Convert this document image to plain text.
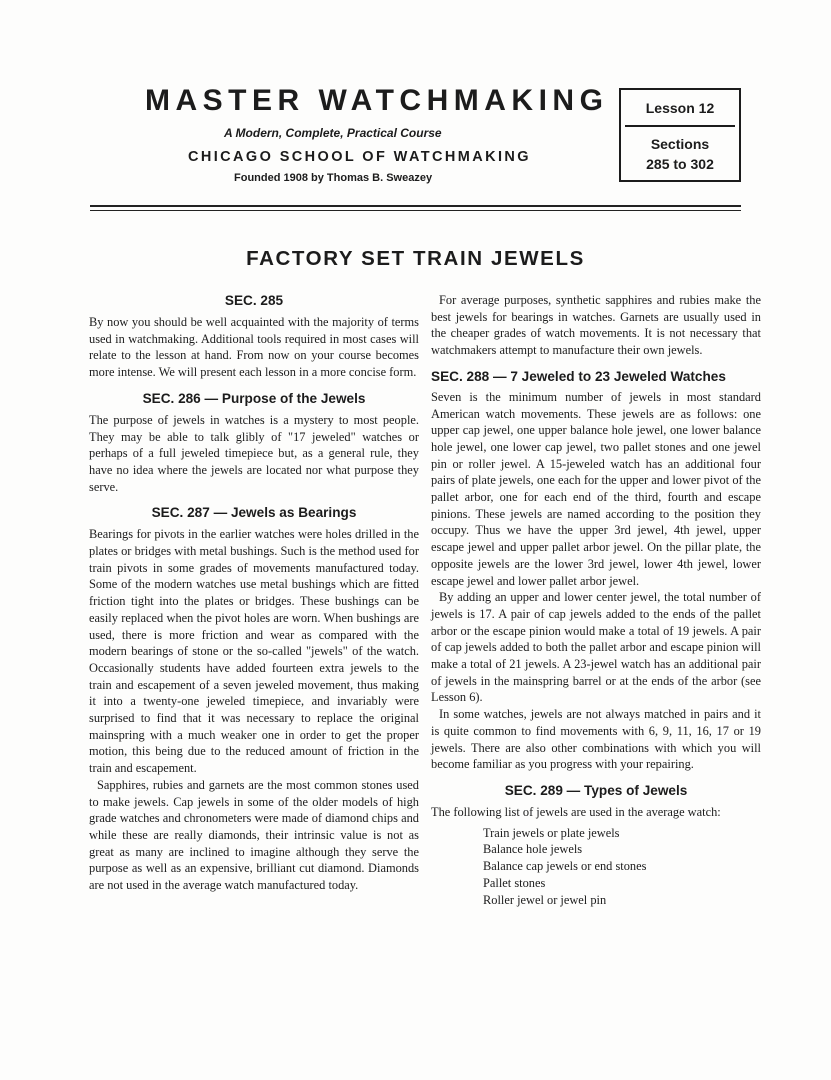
MASTER WATCHMAKING
A Modern, Complete, Practical Course
CHICAGO SCHOOL OF WATCHMAKING
Founded 1908 by Thomas B. Sweazey
Lesson 12
Sections
285 to 302
FACTORY SET TRAIN JEWELS
SEC. 285

By now you should be well acquainted with the majority of terms used in watchmaking. Additional tools required in most cases will relate to the lesson at hand. From now on your course becomes more intense. We will present each lesson in a more concise form.

SEC. 286 — Purpose of the Jewels

The purpose of jewels in watches is a mystery to most people. They may be able to talk glibly of "17 jeweled" watches or perhaps of a full jeweled timepiece but, as a general rule, they have no idea where the jewels are located nor what purpose they serve.

SEC. 287 — Jewels as Bearings

Bearings for pivots in the earlier watches were holes drilled in the plates or bridges with metal bushings. Such is the method used for train pivots in some grades of movements manufactured today. Some of the modern watches use metal bushings which are fitted friction tight into the plates or bridges. These bushings can be easily replaced when the pivot holes are worn. When bushings are used, there is more friction and wear as compared with the modern bearings of stone or the so-called "jewels" of the watch. Occasionally students have added fourteen extra jewels to the train and escapement of a seven jeweled movement, thus making it into a twenty-one jeweled timepiece, and invariably were surprised to find that it was necessary to replace the original mainspring with a much weaker one in order to get the proper motion, this being due to the reduced amount of friction in the train and escapement.

Sapphires, rubies and garnets are the most common stones used to make jewels. Cap jewels in some of the older models of high grade watches and chronometers were made of diamond chips and while these are really diamonds, their intrinsic value is not as great as many are inclined to imagine although they serve the purpose as well as an expensive, brilliant cut diamond. Diamonds are not used in the average watch manufactured today.

For average purposes, synthetic sapphires and rubies make the best jewels for bearings in watches. Garnets are usually used in the cheaper grades of watch movements. It is not necessary that watchmakers attempt to manufacture their own jewels.

SEC. 288 — 7 Jeweled to 23 Jeweled Watches

Seven is the minimum number of jewels in most standard American watch movements. These jewels are as follows: one upper cap jewel, one upper balance hole jewel, one lower balance hole jewel, one lower cap jewel, two pallet stones and one jewel pin or roller jewel. A 15-jeweled watch has an additional four pairs of plate jewels, one each for the upper and lower pivot of the pallet arbor, one for each end of the third, fourth and escape pinions. These jewels are named according to the position they occupy. Thus we have the upper 3rd jewel, 4th jewel, upper escape jewel and upper pallet arbor jewel. On the pillar plate, the opposite jewels are the lower 3rd jewel, lower 4th jewel, lower escape jewel and lower pallet arbor jewel.

By adding an upper and lower center jewel, the total number of jewels is 17. A pair of cap jewels added to the ends of the pallet arbor or the escape pinion would make a total of 19 jewels. A pair of cap jewels added to both the pallet arbor and escape pinion will make a total of 21 jewels. A 23-jewel watch has an additional pair of jewels in the mainspring barrel or at the ends of the arbor (see Lesson 6).

In some watches, jewels are not always matched in pairs and it is quite common to find movements with 6, 9, 11, 16, 17 or 19 jewels. There are also other combinations with which you will become familiar as you progress with your repairing.

SEC. 289 — Types of Jewels

The following list of jewels are used in the average watch:

Train jewels or plate jewels
Balance hole jewels
Balance cap jewels or end stones
Pallet stones
Roller jewel or jewel pin
